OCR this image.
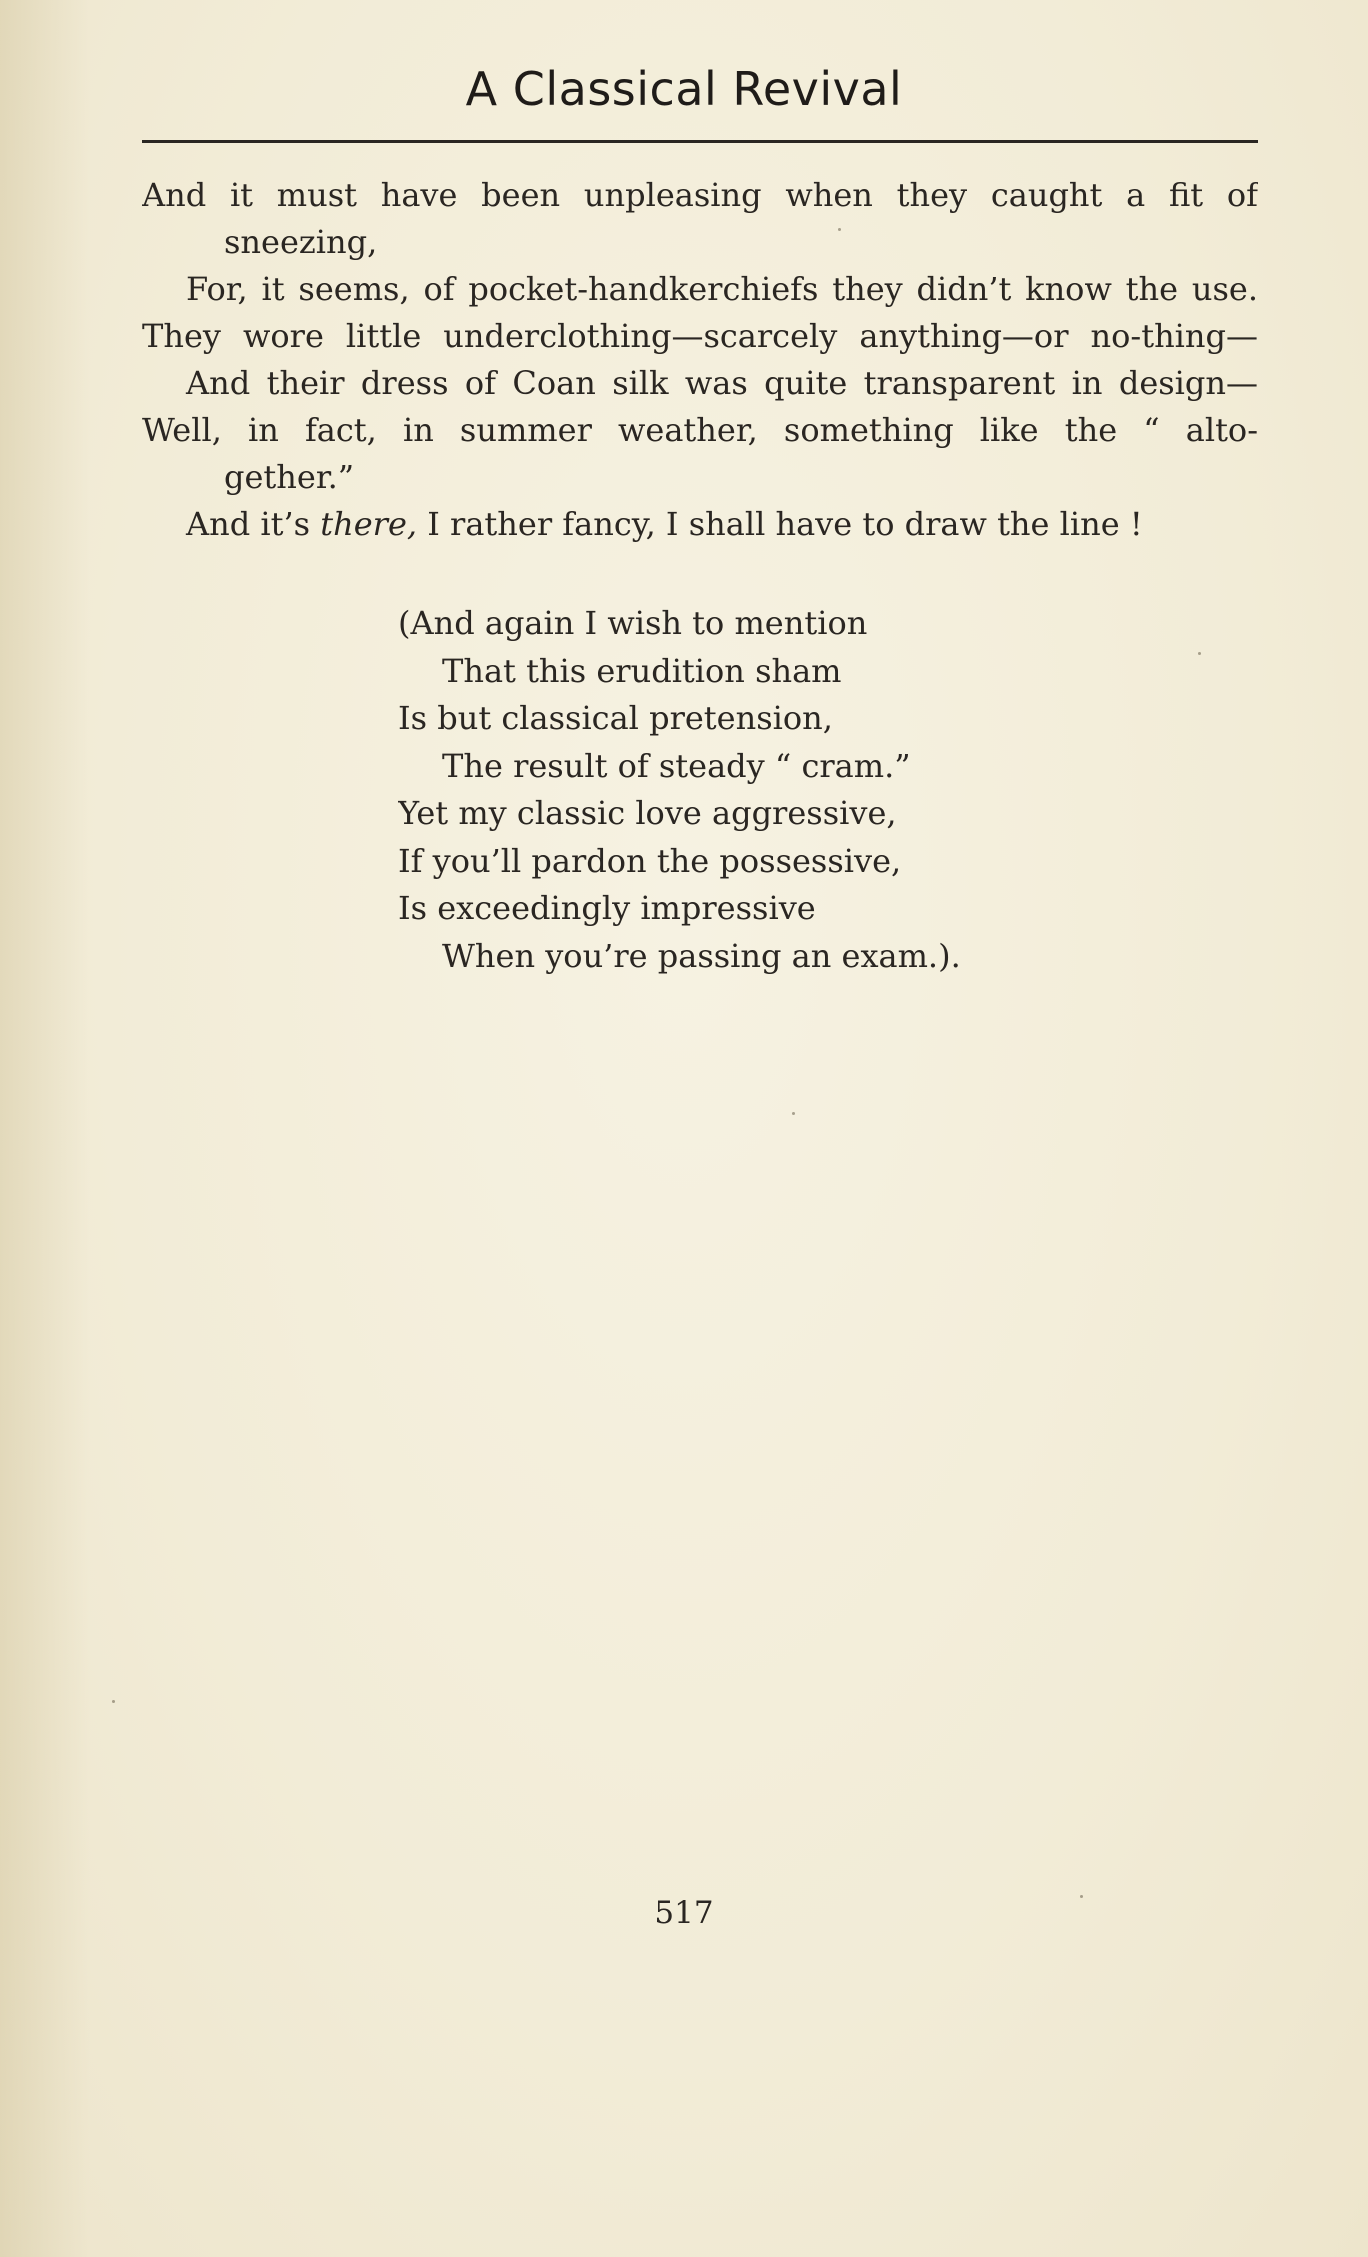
A Classical Revival
And it must have been unpleasing when they caught a fit of
sneezing,
For, it seems, of pocket-handkerchiefs they didn’t know the use.
They wore little underclothing—scarcely anything—or no-thing—
And their dress of Coan silk was quite transparent in design—
Well, in fact, in summer weather, something like the “ alto-
gether.”
And it’s there, I rather fancy, I shall have to draw the line !
(And again I wish to mention
That this erudition sham
Is but classical pretension,
The result of steady “ cram.”
Yet my classic love aggressive,
If you’ll pardon the possessive,
Is exceedingly impressive
When you’re passing an exam.).
517
